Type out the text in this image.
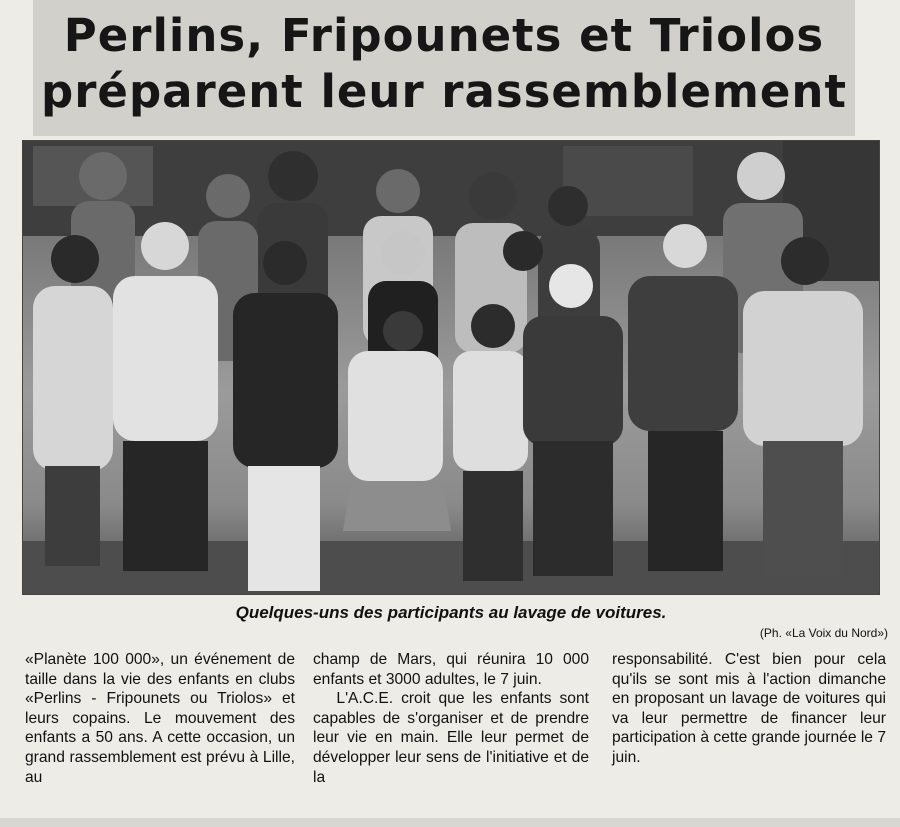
Perlins, Fripounets et Triolos
préparent leur rassemblement

Quelques-uns des participants au lavage de voitures.

(Ph. «La Voix du Nord»)

«Planète 100 000», un événement de taille dans la vie des enfants en clubs «Perlins - Fripounets ou Triolos» et leurs copains. Le mouvement des enfants a 50 ans. A cette occasion, un grand rassemblement est prévu à Lille, au

champ de Mars, qui réunira 10 000 enfants et 3000 adultes, le 7 juin.

L'A.C.E. croit que les enfants sont capables de s'organiser et de prendre leur vie en main. Elle leur permet de développer leur sens de l'initiative et de la

responsabilité. C'est bien pour cela qu'ils se sont mis à l'action dimanche en proposant un lavage de voitures qui va leur permettre de financer leur participation à cette grande journée le 7 juin.
